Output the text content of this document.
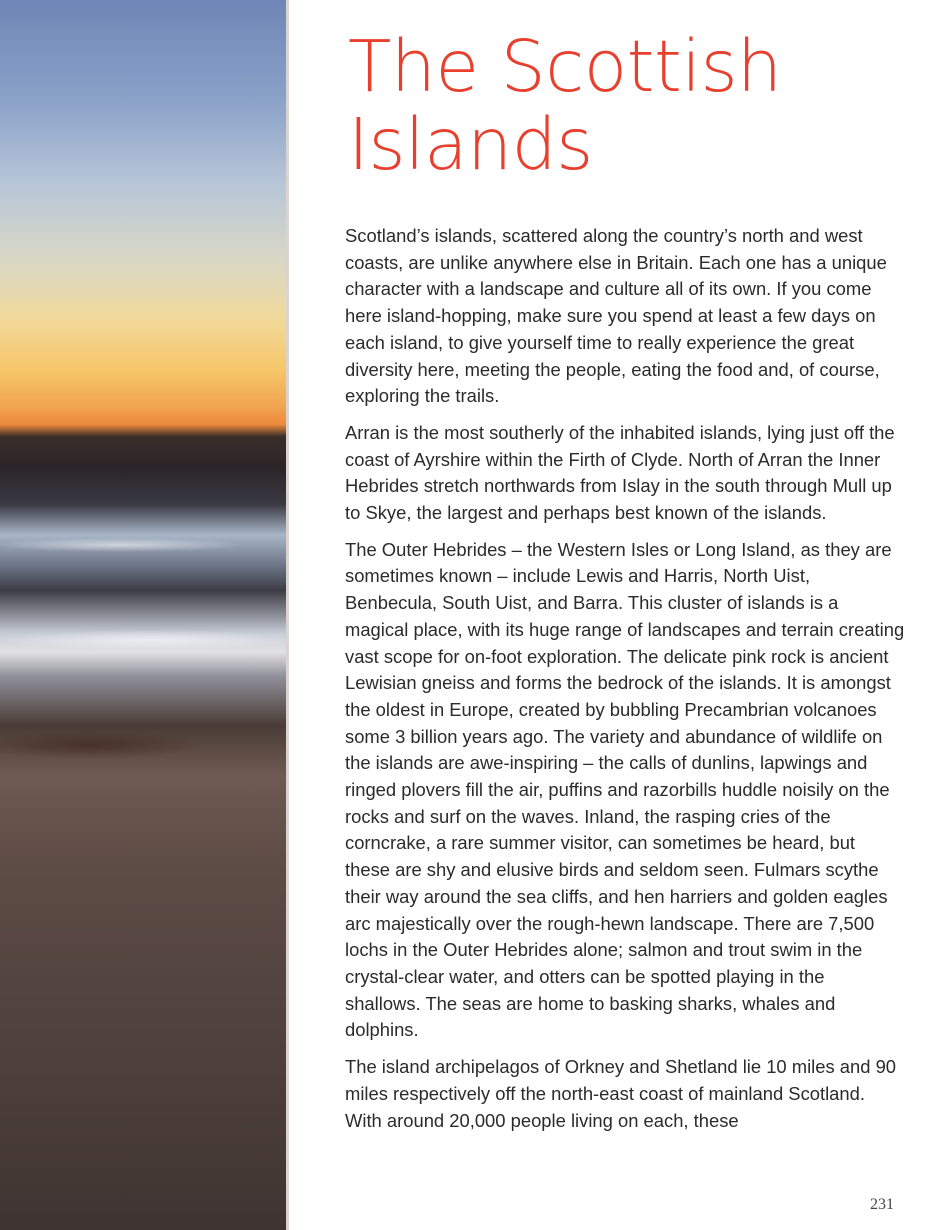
The Scottish
Islands

Scotland’s islands, scattered along the country’s north and west coasts, are unlike anywhere else in Britain. Each one has a unique character with a landscape and culture all of its own. If you come here island-hopping, make sure you spend at least a few days on each island, to give yourself time to really experience the great diversity here, meeting the people, eating the food and, of course, exploring the trails.

Arran is the most southerly of the inhabited islands, lying just off the coast of Ayrshire within the Firth of Clyde. North of Arran the Inner Hebrides stretch northwards from Islay in the south through Mull up to Skye, the largest and perhaps best known of the islands.

The Outer Hebrides – the Western Isles or Long Island, as they are sometimes known – include Lewis and Harris, North Uist, Benbecula, South Uist, and Barra. This cluster of islands is a magical place, with its huge range of landscapes and terrain creating vast scope for on-foot exploration. The delicate pink rock is ancient Lewisian gneiss and forms the bedrock of the islands. It is amongst the oldest in Europe, created by bubbling Precambrian volcanoes some 3 billion years ago. The variety and abundance of wildlife on the islands are awe-inspiring – the calls of dunlins, lapwings and ringed plovers fill the air, puffins and razorbills huddle noisily on the rocks and surf on the waves. Inland, the rasping cries of the corncrake, a rare summer visitor, can sometimes be heard, but these are shy and elusive birds and seldom seen. Fulmars scythe their way around the sea cliffs, and hen harriers and golden eagles arc majestically over the rough-hewn landscape. There are 7,500 lochs in the Outer Hebrides alone; salmon and trout swim in the crystal-clear water, and otters can be spotted playing in the shallows. The seas are home to basking sharks, whales and dolphins.

The island archipelagos of Orkney and Shetland lie 10 miles and 90 miles respectively off the north-east coast of mainland Scotland. With around 20,000 people living on each, these

231
